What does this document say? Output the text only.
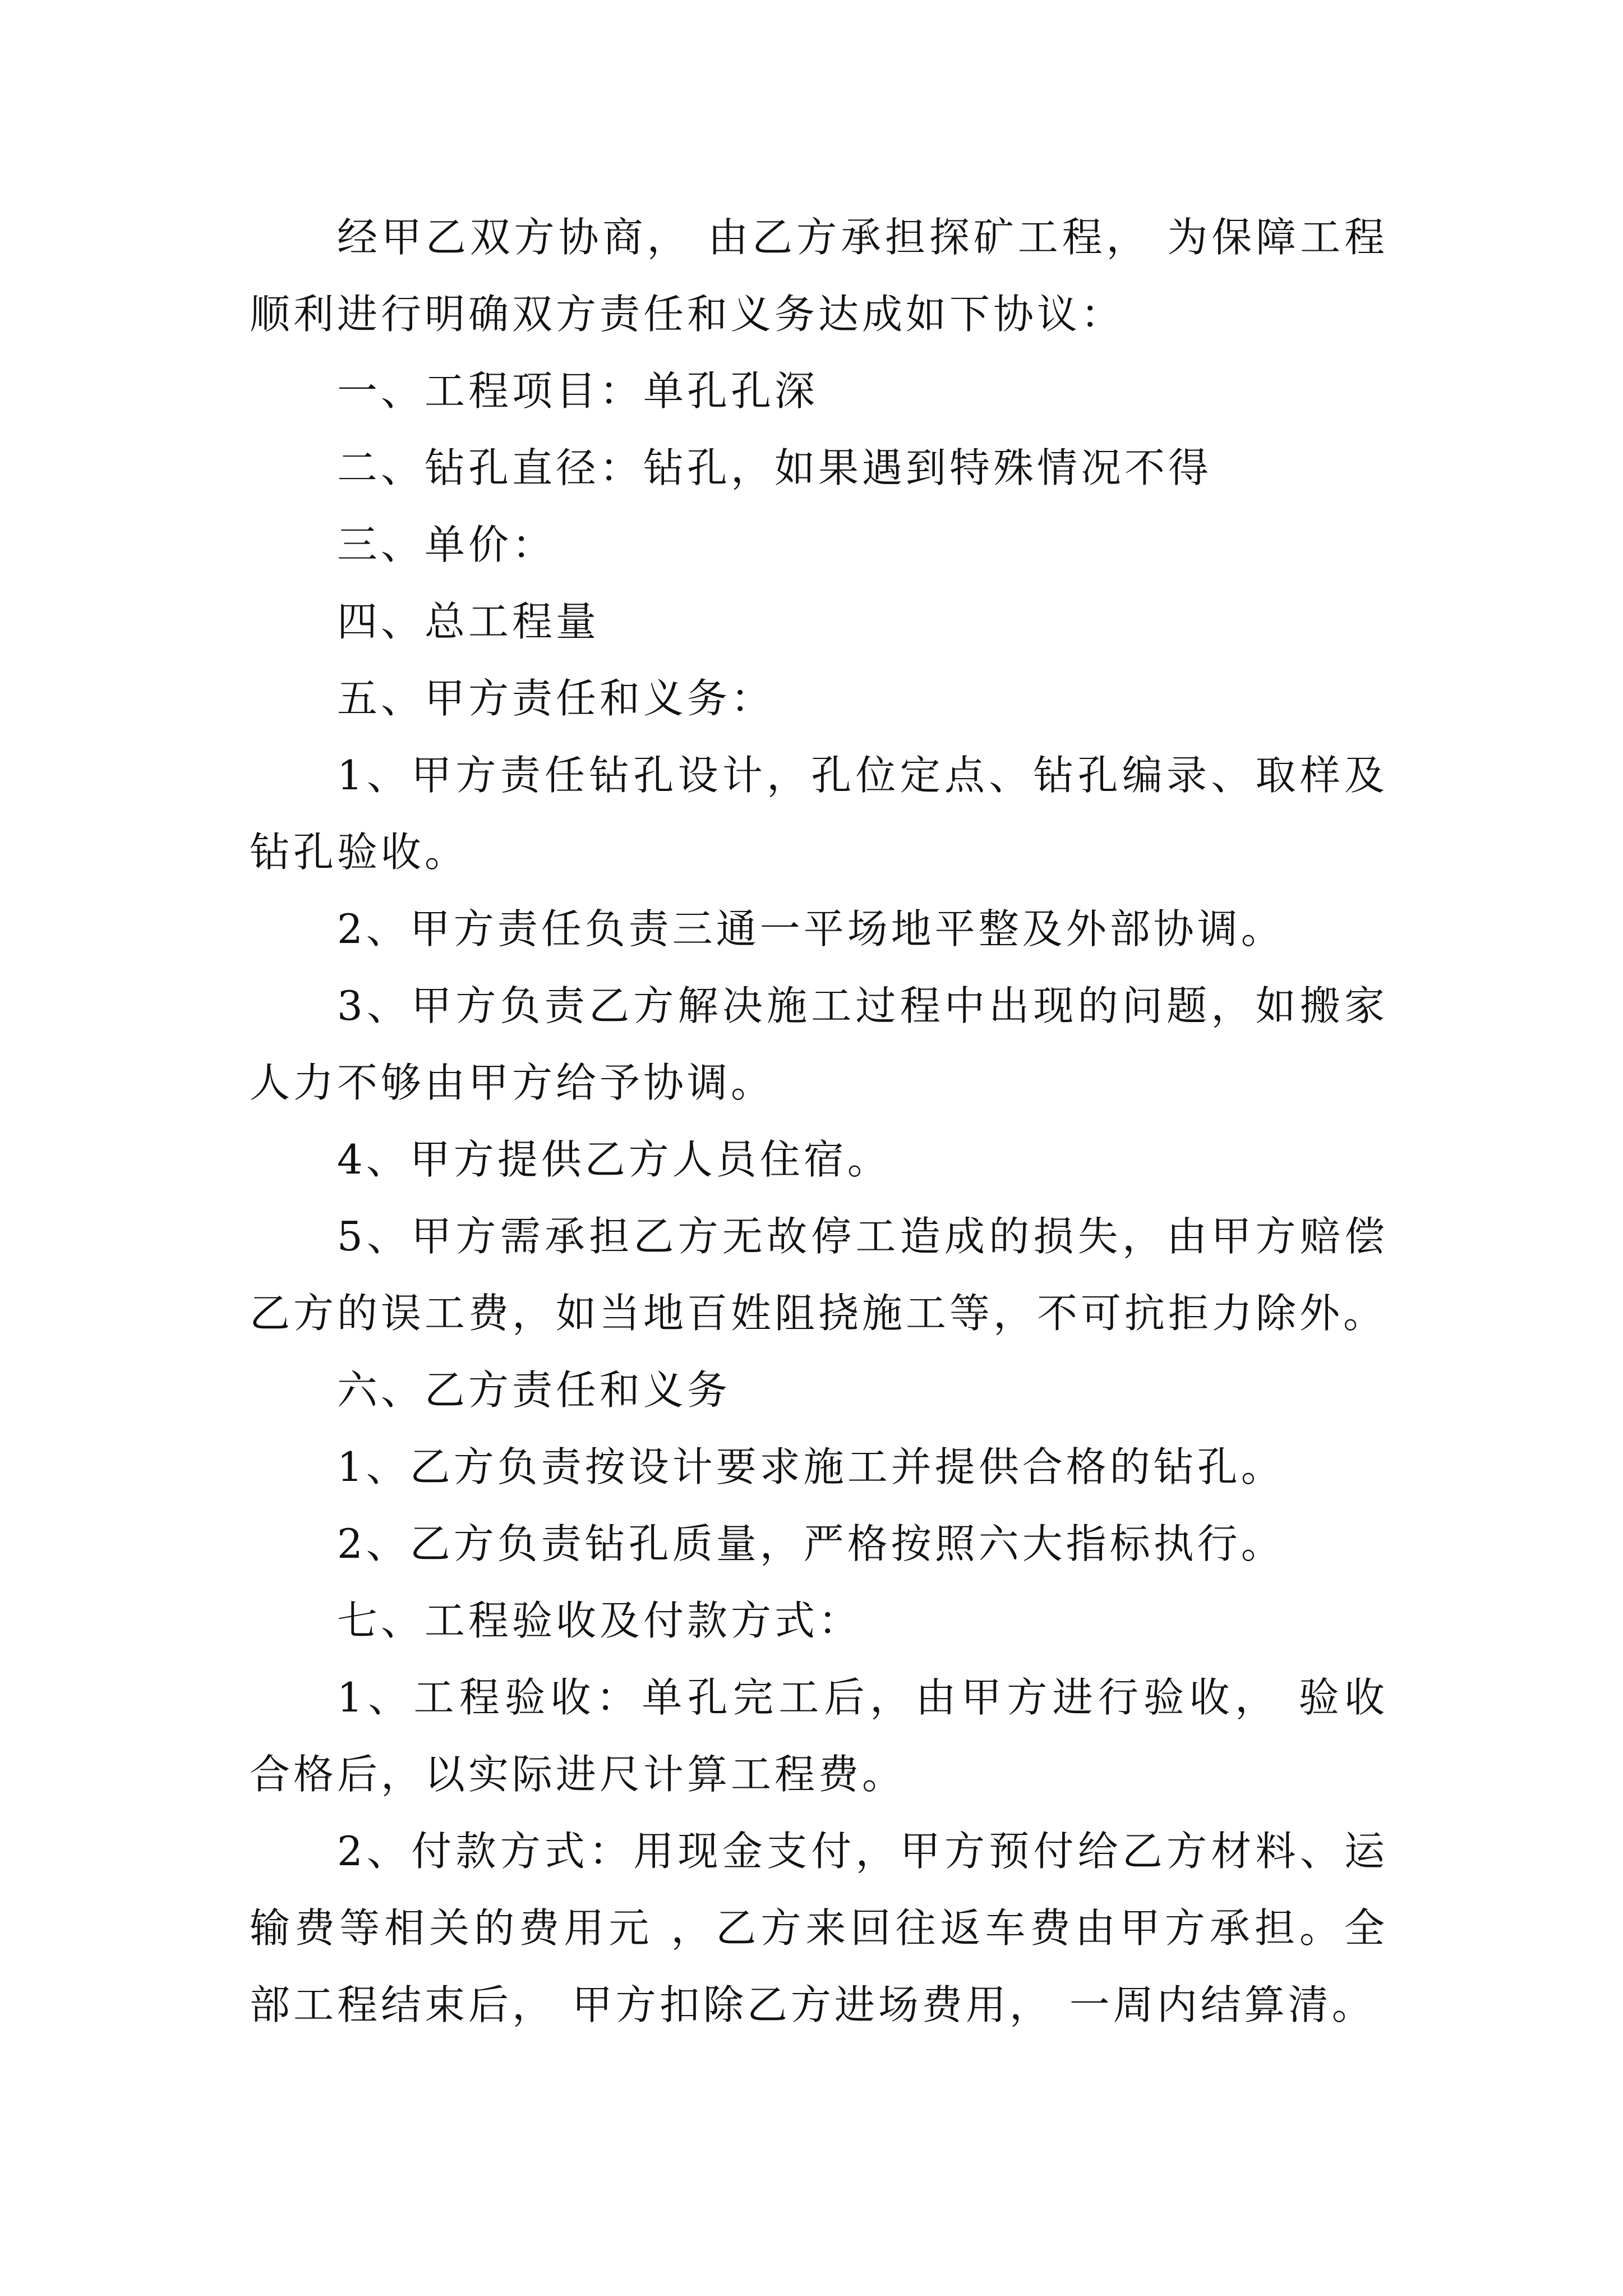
经甲乙双方协商， 由乙方承担探矿工程， 为保障工程顺利进行明确双方责任和义务达成如下协议：

一、工程项目：单孔孔深

二、钻孔直径：钻孔，如果遇到特殊情况不得

三、单价：

四、总工程量

五、甲方责任和义务：

1、甲方责任钻孔设计，孔位定点、钻孔编录、取样及钻孔验收。

2、甲方责任负责三通一平场地平整及外部协调。

3、甲方负责乙方解决施工过程中出现的问题，如搬家人力不够由甲方给予协调。

4、甲方提供乙方人员住宿。

5、甲方需承担乙方无故停工造成的损失，由甲方赔偿乙方的误工费，如当地百姓阻挠施工等，不可抗拒力除外。

六、乙方责任和义务

1、乙方负责按设计要求施工并提供合格的钻孔。

2、乙方负责钻孔质量，严格按照六大指标执行。

七、工程验收及付款方式：

1、工程验收：单孔完工后，由甲方进行验收， 验收合格后，以实际进尺计算工程费。

2、付款方式：用现金支付，甲方预付给乙方材料、运输费等相关的费用元 ，乙方来回往返车费由甲方承担。全部工程结束后， 甲方扣除乙方进场费用， 一周内结算清。
